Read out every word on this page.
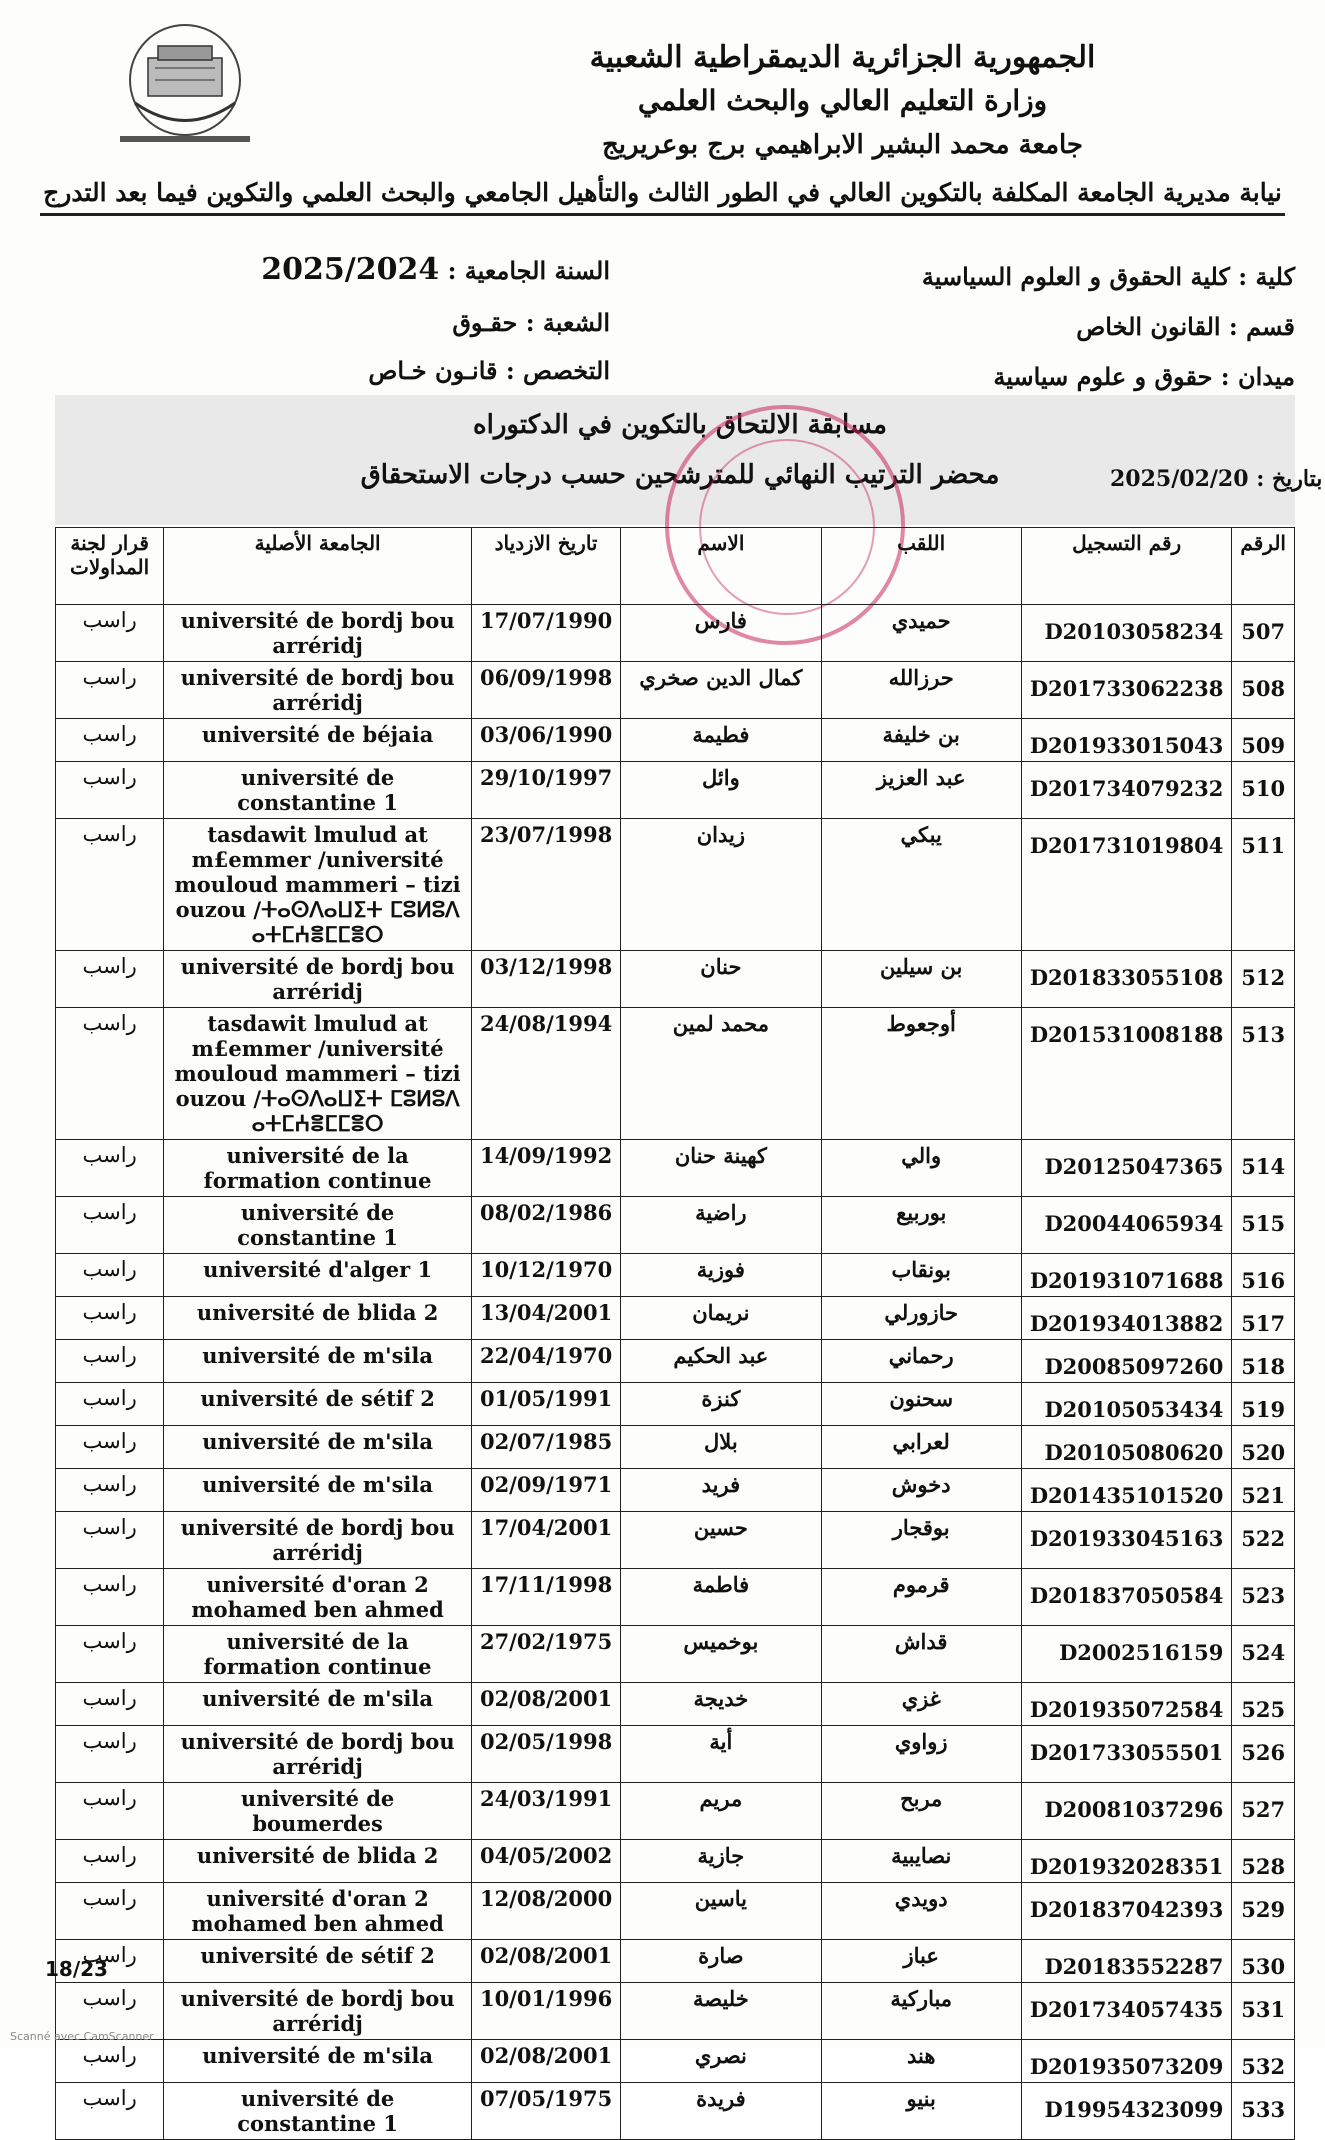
الجمهورية الجزائرية الديمقراطية الشعبية
وزارة التعليم العالي والبحث العلمي
جامعة محمد البشير الابراهيمي برج بوعريريج
نيابة مديرية الجامعة المكلفة بالتكوين العالي في الطور الثالث والتأهيل الجامعي والبحث العلمي والتكوين فيما بعد التدرج
كلية : كلية الحقوق و العلوم السياسية
قسم : القانون الخاص
ميدان : حقوق و علوم سياسية
السنة الجامعية : 2025/2024
الشعبة : حقـوق
التخصص : قانـون خـاص
مسابقة الالتحاق بالتكوين في الدكتوراه
محضر الترتيب النهائي للمترشحين حسب درجات الاستحقاق	بتاريخ : 2025/02/20
قرار لجنة المداولات	الجامعة الأصلية	تاريخ الازدياد	الاسم	اللقب	رقم التسجيل	الرقم
راسب	université de bordj bou arréridj	17/07/1990	فارس	حميدي	D20103058234	507
راسب	université de bordj bou arréridj	06/09/1998	كمال الدين صخري	حرزالله	D201733062238	508
راسب	université de béjaia	03/06/1990	فطيمة	بن خليفة	D201933015043	509
راسب	université de constantine 1	29/10/1997	وائل	عبد العزيز	D201734079232	510
راسب	tasdawit lmulud at m£emmer /université mouloud mammeri – tizi ouzou /ⵜⴰⵙⴷⴰⵡⵉⵜ ⵎⵓⵍⵓⴷ ⴰⵜⵎⵄⴻⵎⵎⴻⵔ	23/07/1998	زيدان	يبكي	D201731019804	511
راسب	université de bordj bou arréridj	03/12/1998	حنان	بن سيلين	D201833055108	512
راسب	tasdawit lmulud at m£emmer /université mouloud mammeri – tizi ouzou /ⵜⴰⵙⴷⴰⵡⵉⵜ ⵎⵓⵍⵓⴷ ⴰⵜⵎⵄⴻⵎⵎⴻⵔ	24/08/1994	محمد لمين	أوجعوط	D201531008188	513
راسب	université de la formation continue	14/09/1992	كهينة حنان	والي	D20125047365	514
راسب	université de constantine 1	08/02/1986	راضية	بوربيع	D20044065934	515
راسب	université d'alger 1	10/12/1970	فوزية	بونقاب	D201931071688	516
راسب	université de blida 2	13/04/2001	نريمان	حازورلي	D201934013882	517
راسب	université de m'sila	22/04/1970	عبد الحكيم	رحماني	D20085097260	518
راسب	université de sétif 2	01/05/1991	كنزة	سحنون	D20105053434	519
راسب	université de m'sila	02/07/1985	بلال	لعرابي	D20105080620	520
راسب	université de m'sila	02/09/1971	فريد	دخوش	D201435101520	521
راسب	université de bordj bou arréridj	17/04/2001	حسين	بوقجار	D201933045163	522
راسب	université d'oran 2 mohamed ben ahmed	17/11/1998	فاطمة	قرموم	D201837050584	523
راسب	université de la formation continue	27/02/1975	بوخميس	قداش	D2002516159	524
راسب	université de m'sila	02/08/2001	خديجة	غزي	D201935072584	525
راسب	université de bordj bou arréridj	02/05/1998	أية	زواوي	D201733055501	526
راسب	université de boumerdes	24/03/1991	مريم	مربح	D20081037296	527
راسب	université de blida 2	04/05/2002	جازية	نصايبية	D201932028351	528
راسب	université d'oran 2 mohamed ben ahmed	12/08/2000	ياسين	دويدي	D201837042393	529
راسب	université de sétif 2	02/08/2001	صارة	عباز	D20183552287	530
راسب	université de bordj bou arréridj	10/01/1996	خليصة	مباركية	D201734057435	531
راسب	université de m'sila	02/08/2001	نصري	هند	D201935073209	532
راسب	université de constantine 1	07/05/1975	فريدة	بنيو	D19954323099	533
18/23
Scanné avec CamScanner
